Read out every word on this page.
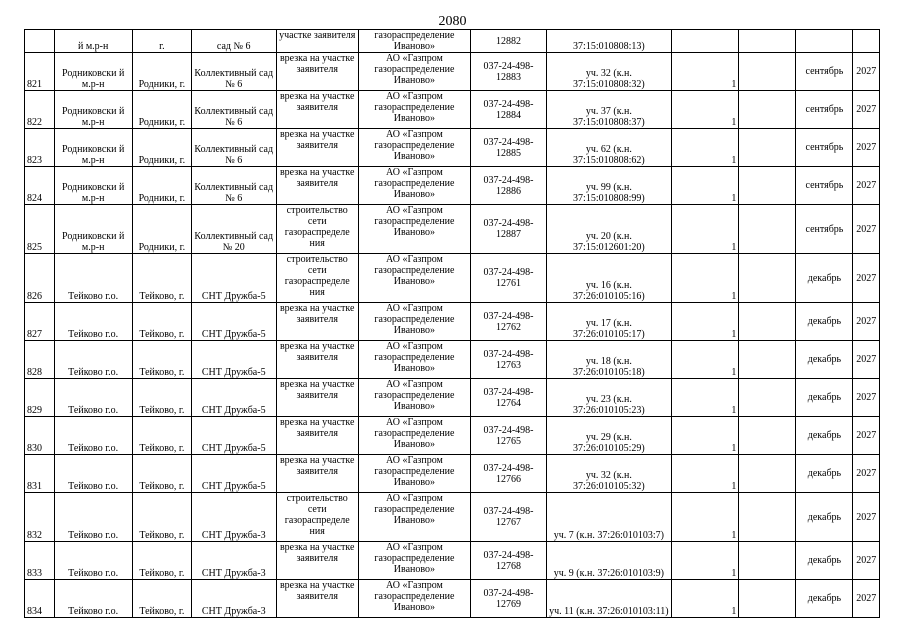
2080
	й м.р-н	г.	сад № 6	участке заявителя	газораспределение Иваново»	12882	37:15:010808:13)				
821	Родниковски й м.р-н	Родники, г.	Коллективный сад № 6	врезка на участке заявителя	АО «Газпром газораспределение Иваново»	037-24-498-12883	уч. 32 (к.н. 37:15:010808:32)	1		сентябрь	2027
822	Родниковски й м.р-н	Родники, г.	Коллективный сад № 6	врезка на участке заявителя	АО «Газпром газораспределение Иваново»	037-24-498-12884	уч. 37 (к.н. 37:15:010808:37)	1		сентябрь	2027
823	Родниковски й м.р-н	Родники, г.	Коллективный сад № 6	врезка на участке заявителя	АО «Газпром газораспределение Иваново»	037-24-498-12885	уч. 62 (к.н. 37:15:010808:62)	1		сентябрь	2027
824	Родниковски й м.р-н	Родники, г.	Коллективный сад № 6	врезка на участке заявителя	АО «Газпром газораспределение Иваново»	037-24-498-12886	уч. 99 (к.н. 37:15:010808:99)	1		сентябрь	2027
825	Родниковски й м.р-н	Родники, г.	Коллективный сад № 20	строительство сети газораспределе ния	АО «Газпром газораспределение Иваново»	037-24-498-12887	уч. 20 (к.н. 37:15:012601:20)	1		сентябрь	2027
826	Тейково г.о.	Тейково, г.	СНТ Дружба-5	строительство сети газораспределе ния	АО «Газпром газораспределение Иваново»	037-24-498-12761	уч. 16 (к.н. 37:26:010105:16)	1		декабрь	2027
827	Тейково г.о.	Тейково, г.	СНТ Дружба-5	врезка на участке заявителя	АО «Газпром газораспределение Иваново»	037-24-498-12762	уч. 17 (к.н. 37:26:010105:17)	1		декабрь	2027
828	Тейково г.о.	Тейково, г.	СНТ Дружба-5	врезка на участке заявителя	АО «Газпром газораспределение Иваново»	037-24-498-12763	уч. 18 (к.н. 37:26:010105:18)	1		декабрь	2027
829	Тейково г.о.	Тейково, г.	СНТ Дружба-5	врезка на участке заявителя	АО «Газпром газораспределение Иваново»	037-24-498-12764	уч. 23 (к.н. 37:26:010105:23)	1		декабрь	2027
830	Тейково г.о.	Тейково, г.	СНТ Дружба-5	врезка на участке заявителя	АО «Газпром газораспределение Иваново»	037-24-498-12765	уч. 29 (к.н. 37:26:010105:29)	1		декабрь	2027
831	Тейково г.о.	Тейково, г.	СНТ Дружба-5	врезка на участке заявителя	АО «Газпром газораспределение Иваново»	037-24-498-12766	уч. 32 (к.н. 37:26:010105:32)	1		декабрь	2027
832	Тейково г.о.	Тейково, г.	СНТ Дружба-3	строительство сети газораспределе ния	АО «Газпром газораспределение Иваново»	037-24-498-12767	уч. 7 (к.н. 37:26:010103:7)	1		декабрь	2027
833	Тейково г.о.	Тейково, г.	СНТ Дружба-3	врезка на участке заявителя	АО «Газпром газораспределение Иваново»	037-24-498-12768	уч. 9 (к.н. 37:26:010103:9)	1		декабрь	2027
834	Тейково г.о.	Тейково, г.	СНТ Дружба-3	врезка на участке заявителя	АО «Газпром газораспределение Иваново»	037-24-498-12769	уч. 11 (к.н. 37:26:010103:11)	1		декабрь	2027
